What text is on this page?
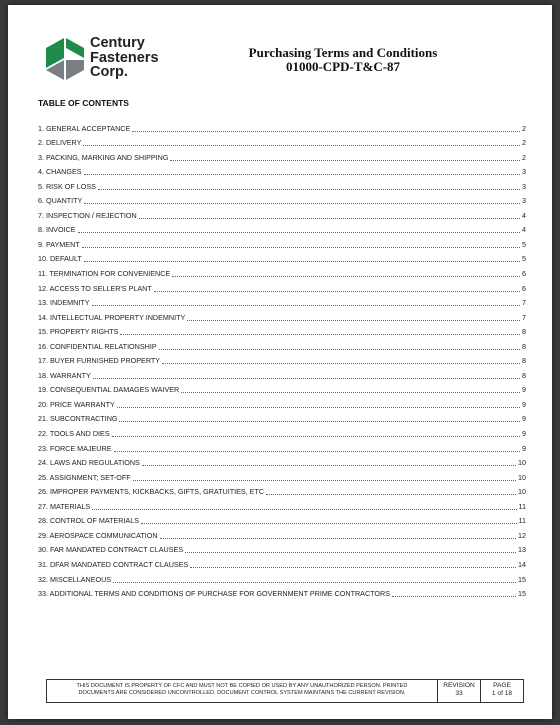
Century
Fasteners
Corp.
Purchasing Terms and Conditions
01000-CPD-T&C-87
TABLE OF CONTENTS
1. GENERAL ACCEPTANCE	2
2. DELIVERY	2
3. PACKING, MARKING AND SHIPPING	2
4. CHANGES	3
5. RISK OF LOSS	3
6. QUANTITY	3
7. INSPECTION / REJECTION	4
8. INVOICE	4
9. PAYMENT	5
10. DEFAULT	5
11. TERMINATION FOR CONVENIENCE	6
12. ACCESS TO SELLER'S PLANT	6
13. INDEMNITY	7
14. INTELLECTUAL PROPERTY INDEMNITY	7
15. PROPERTY RIGHTS	8
16. CONFIDENTIAL RELATIONSHIP	8
17. BUYER FURNISHED PROPERTY	8
18. WARRANTY	8
19. CONSEQUENTIAL DAMAGES WAIVER	9
20. PRICE WARRANTY	9
21. SUBCONTRACTING	9
22. TOOLS AND DIES	9
23. FORCE MAJEURE	9
24. LAWS AND REGULATIONS	10
25. ASSIGNMENT; SET-OFF	10
26. IMPROPER PAYMENTS, KICKBACKS, GIFTS, GRATUITIES, ETC	10
27. MATERIALS	11
28. CONTROL OF MATERIALS	11
29. AEROSPACE COMMUNICATION	12
30. FAR MANDATED CONTRACT CLAUSES	13
31. DFAR MANDATED CONTRACT CLAUSES	14
32. MISCELLANEOUS	15
33. ADDITIONAL TERMS AND CONDITIONS OF PURCHASE FOR GOVERNMENT PRIME CONTRACTORS	15
THIS DOCUMENT IS PROPERTY OF CFC AND MUST NOT BE COPIED OR USED BY ANY UNAUTHORIZED PERSON. PRINTED
DOCUMENTS ARE CONSIDERED UNCONTROLLED. DOCUMENT CONTROL SYSTEM MAINTAINS THE CURRENT REVISION.
REVISION
33
PAGE
1 of 18
